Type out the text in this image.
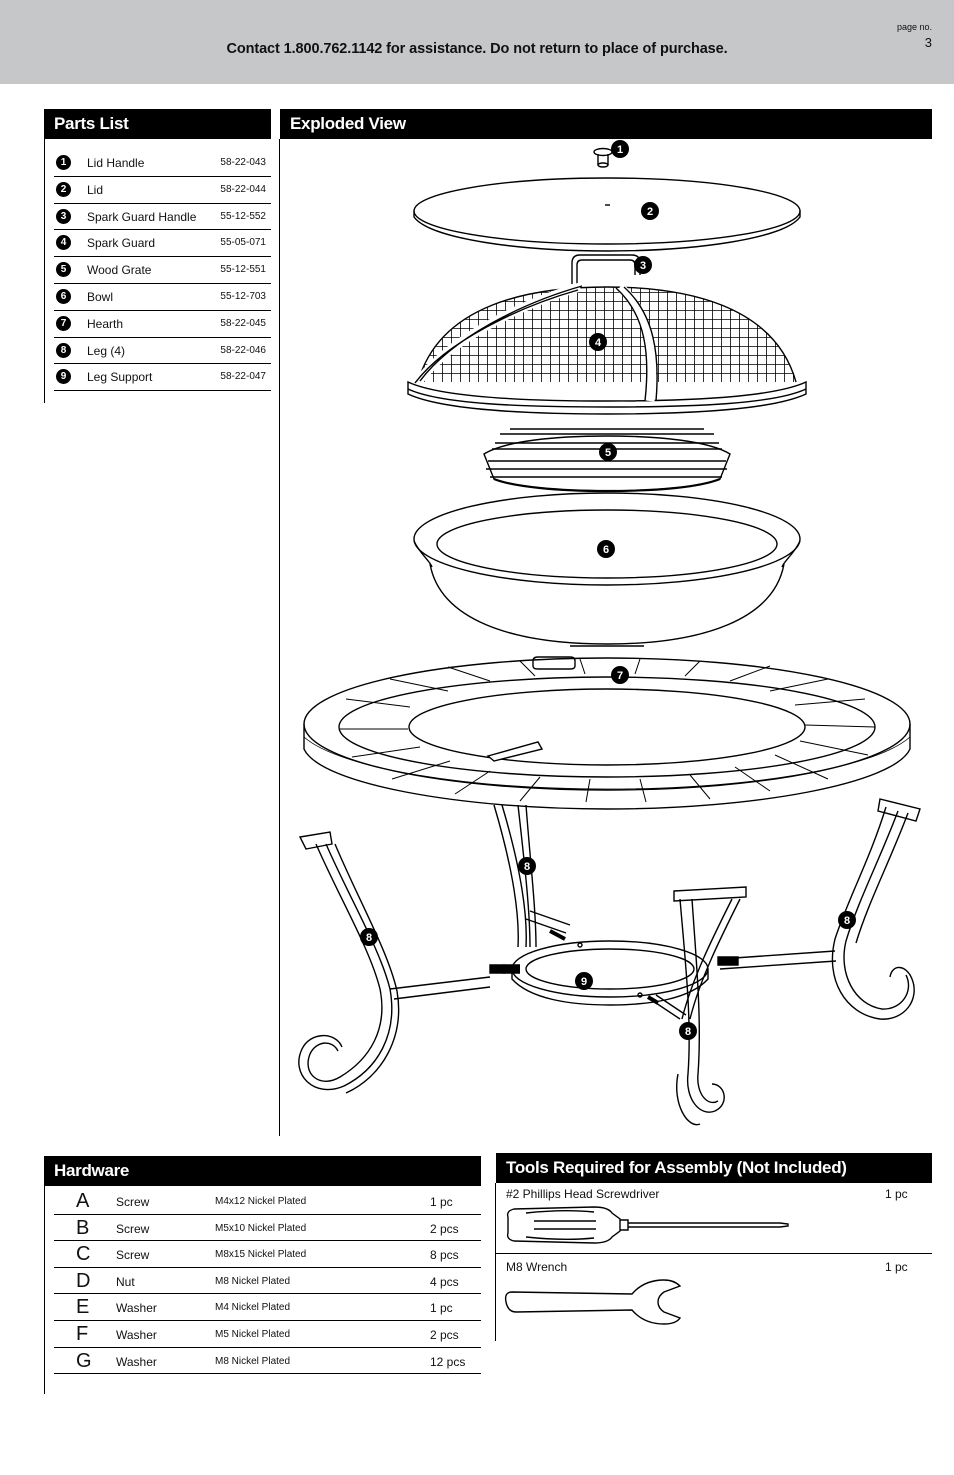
Contact 1.800.762.1142 for assistance. Do not return to place of purchase.
page no.
3
Parts List
1	Lid Handle	58-22-043
2	Lid	58-22-044
3	Spark Guard Handle 55-12-552
4	Spark Guard	55-05-071
5	Wood Grate	55-12-551
6	Bowl	55-12-703
7	Hearth	58-22-045
8	Leg (4)	58-22-046
9	Leg Support	58-22-047
Exploded View
1
2
3
4
5
6
7
8
8
8
8
9
Hardware
A Screw	M4x12 Nickel Plated	1 pc
B Screw	M5x10 Nickel Plated	2 pcs
C Screw	M8x15 Nickel Plated	8 pcs
D Nut	M8 Nickel Plated	4 pcs
E Washer	M4 Nickel Plated	1 pc
F Washer	M5 Nickel Plated	2 pcs
G Washer	M8 Nickel Plated	12 pcs
Tools Required for Assembly (Not Included)
#2 Phillips Head Screwdriver	1 pc
M8 Wrench	1 pc
